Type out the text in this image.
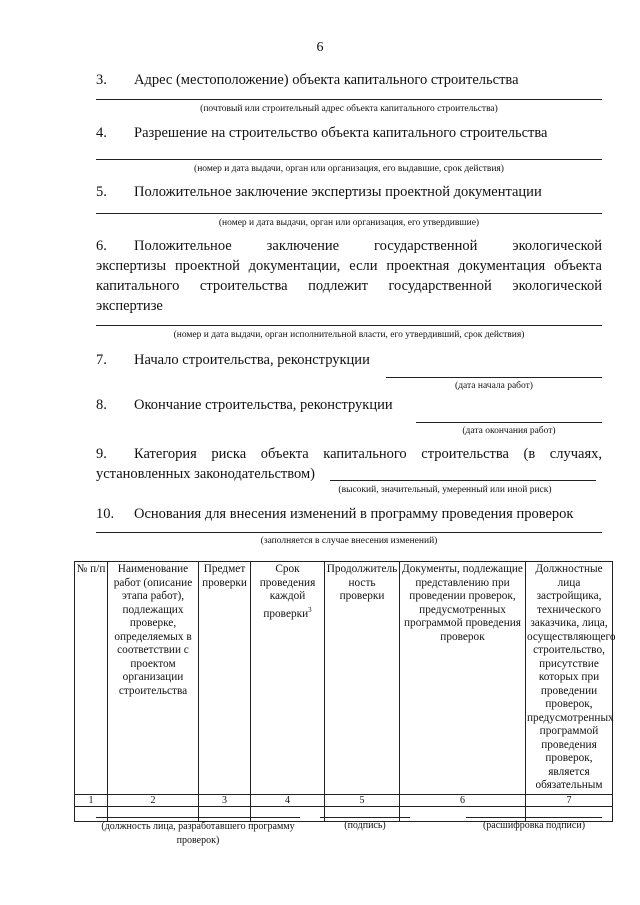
6
3. Адрес (местоположение) объекта капитального строительства
(почтовый или строительный адрес объекта капитального строительства)
4. Разрешение на строительство объекта капитального строительства
(номер и дата выдачи, орган или организация, его выдавшие, срок действия)
5. Положительное заключение экспертизы проектной документации
(номер и дата выдачи, орган или организация, его утвердившие)
6. Положительное заключение государственной экологической
экспертизы проектной документации, если проектная документация объекта
капитального строительства подлежит государственной экологической
экспертизе
(номер и дата выдачи, орган исполнительной власти, его утвердивший, срок действия)
7. Начало строительства, реконструкции
(дата начала работ)
8. Окончание строительства, реконструкции
(дата окончания работ)
9. Категория риска объекта капитального строительства (в случаях,
установленных законодательством)
(высокий, значительный, умеренный или иной риск)
10. Основания для внесения изменений в программу проведения проверок
(заполняется в случае внесения изменений)
№ п/п	Наименование работ (описание этапа работ), подлежащих проверке, определяемых в соответствии с проектом организации строительства	Предмет проверки	Срок проведения каждой проверки$^3$	Продолжитель ность проверки	Документы, подлежащие представлению при проведении проверок, предусмотренных программой проведения проверок	Должностные лица застройщика, технического заказчика, лица, осуществляющего строительство, присутствие которых при проведении проверок, предусмотренных программой проведения проверок, является обязательным
1	2	3	4	5	6	7

(должность лица, разработавшего программу проверок)
(подпись)	(расшифровка подписи)
